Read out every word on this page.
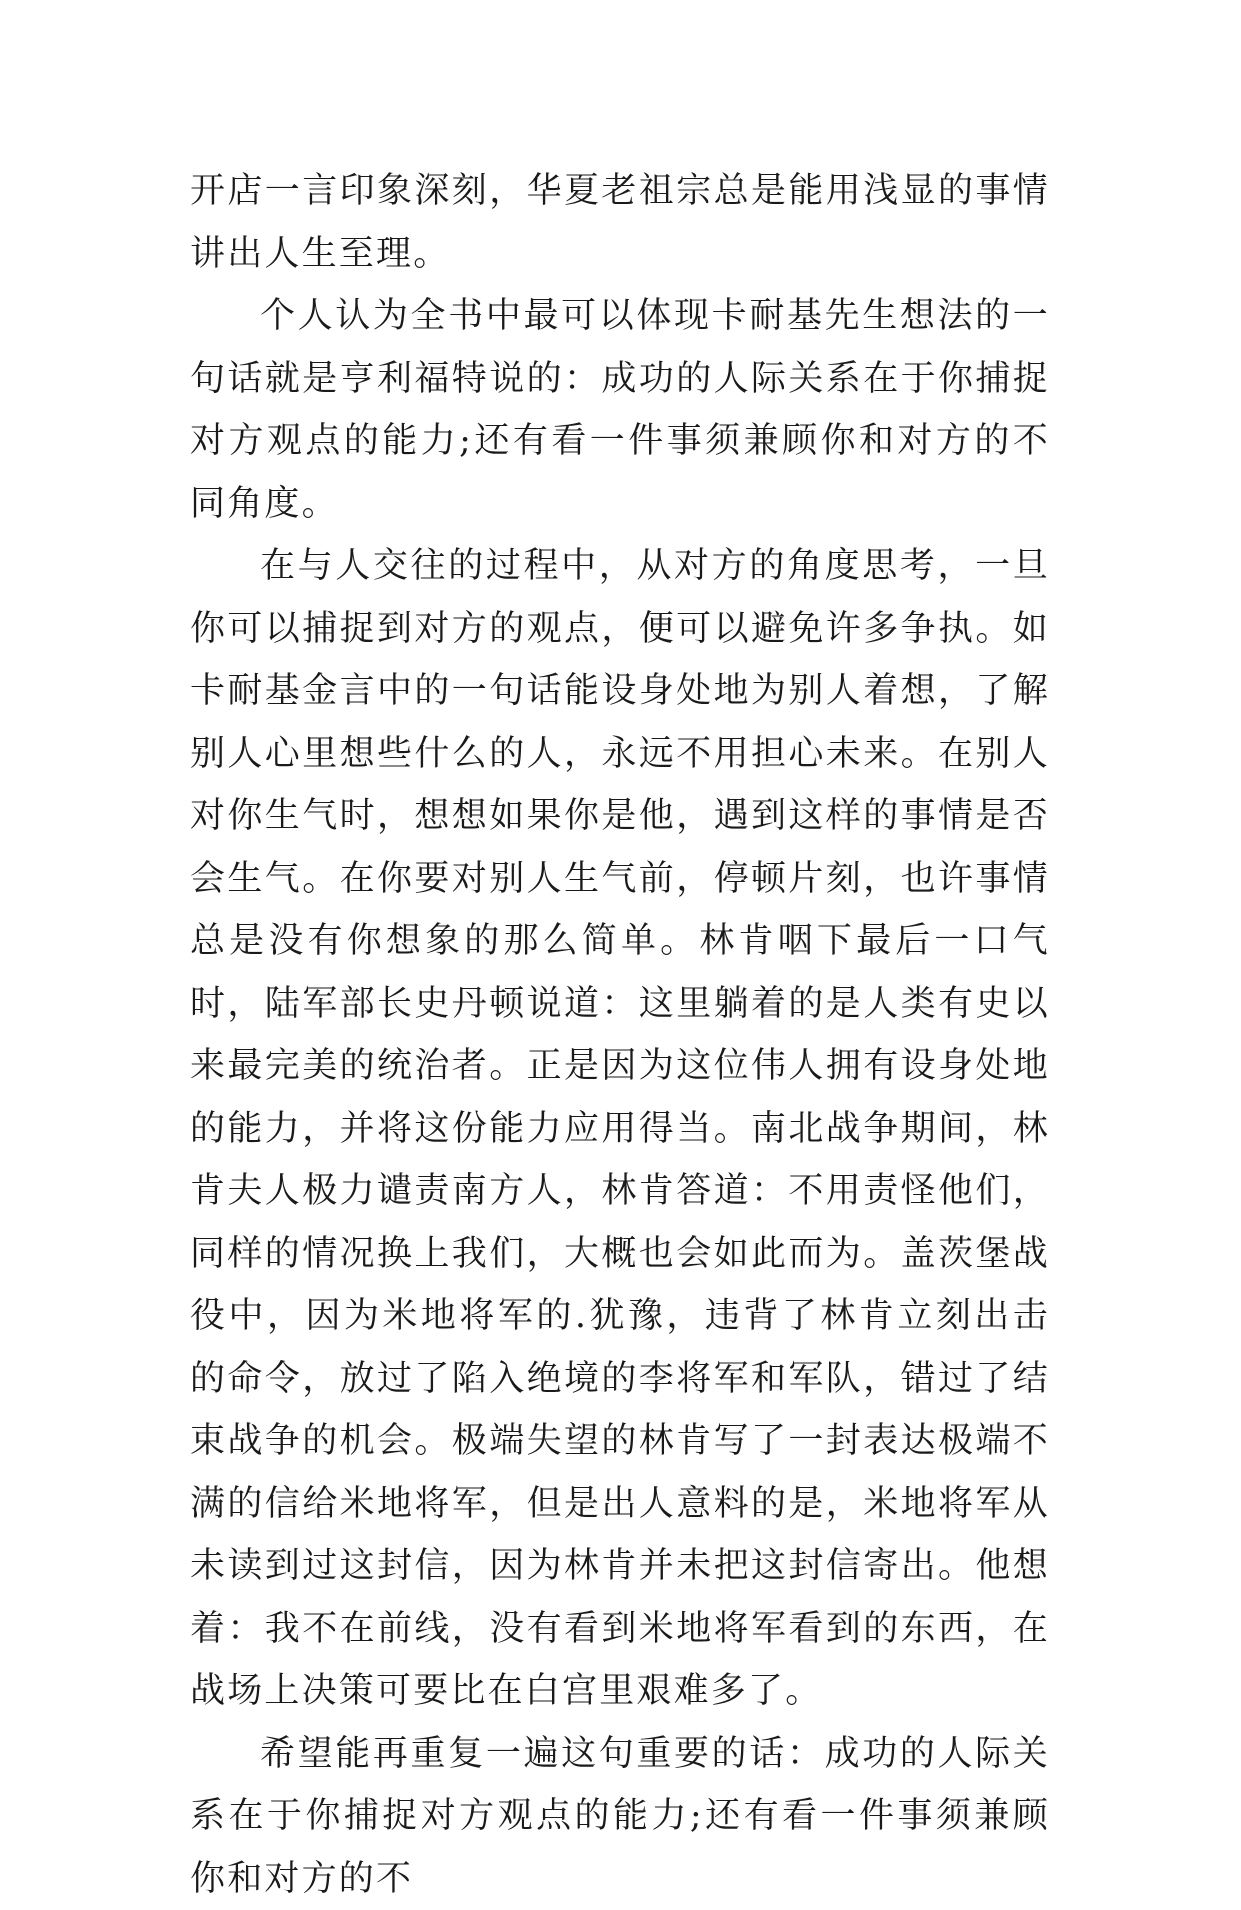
开店一言印象深刻，华夏老祖宗总是能用浅显的事情讲出人生至理。

个人认为全书中最可以体现卡耐基先生想法的一句话就是亨利福特说的：成功的人际关系在于你捕捉对方观点的能力;还有看一件事须兼顾你和对方的不同角度。

在与人交往的过程中，从对方的角度思考，一旦你可以捕捉到对方的观点，便可以避免许多争执。如卡耐基金言中的一句话能设身处地为别人着想，了解别人心里想些什么的人，永远不用担心未来。在别人对你生气时，想想如果你是他，遇到这样的事情是否会生气。在你要对别人生气前，停顿片刻，也许事情总是没有你想象的那么简单。林肯咽下最后一口气时，陆军部长史丹顿说道：这里躺着的是人类有史以来最完美的统治者。正是因为这位伟人拥有设身处地的能力，并将这份能力应用得当。南北战争期间，林肯夫人极力谴责南方人，林肯答道：不用责怪他们，同样的情况换上我们，大概也会如此而为。盖茨堡战役中，因为米地将军的.犹豫，违背了林肯立刻出击的命令，放过了陷入绝境的李将军和军队，错过了结束战争的机会。极端失望的林肯写了一封表达极端不满的信给米地将军，但是出人意料的是，米地将军从未读到过这封信，因为林肯并未把这封信寄出。他想着：我不在前线，没有看到米地将军看到的东西，在战场上决策可要比在白宫里艰难多了。

希望能再重复一遍这句重要的话：成功的人际关系在于你捕捉对方观点的能力;还有看一件事须兼顾你和对方的不
